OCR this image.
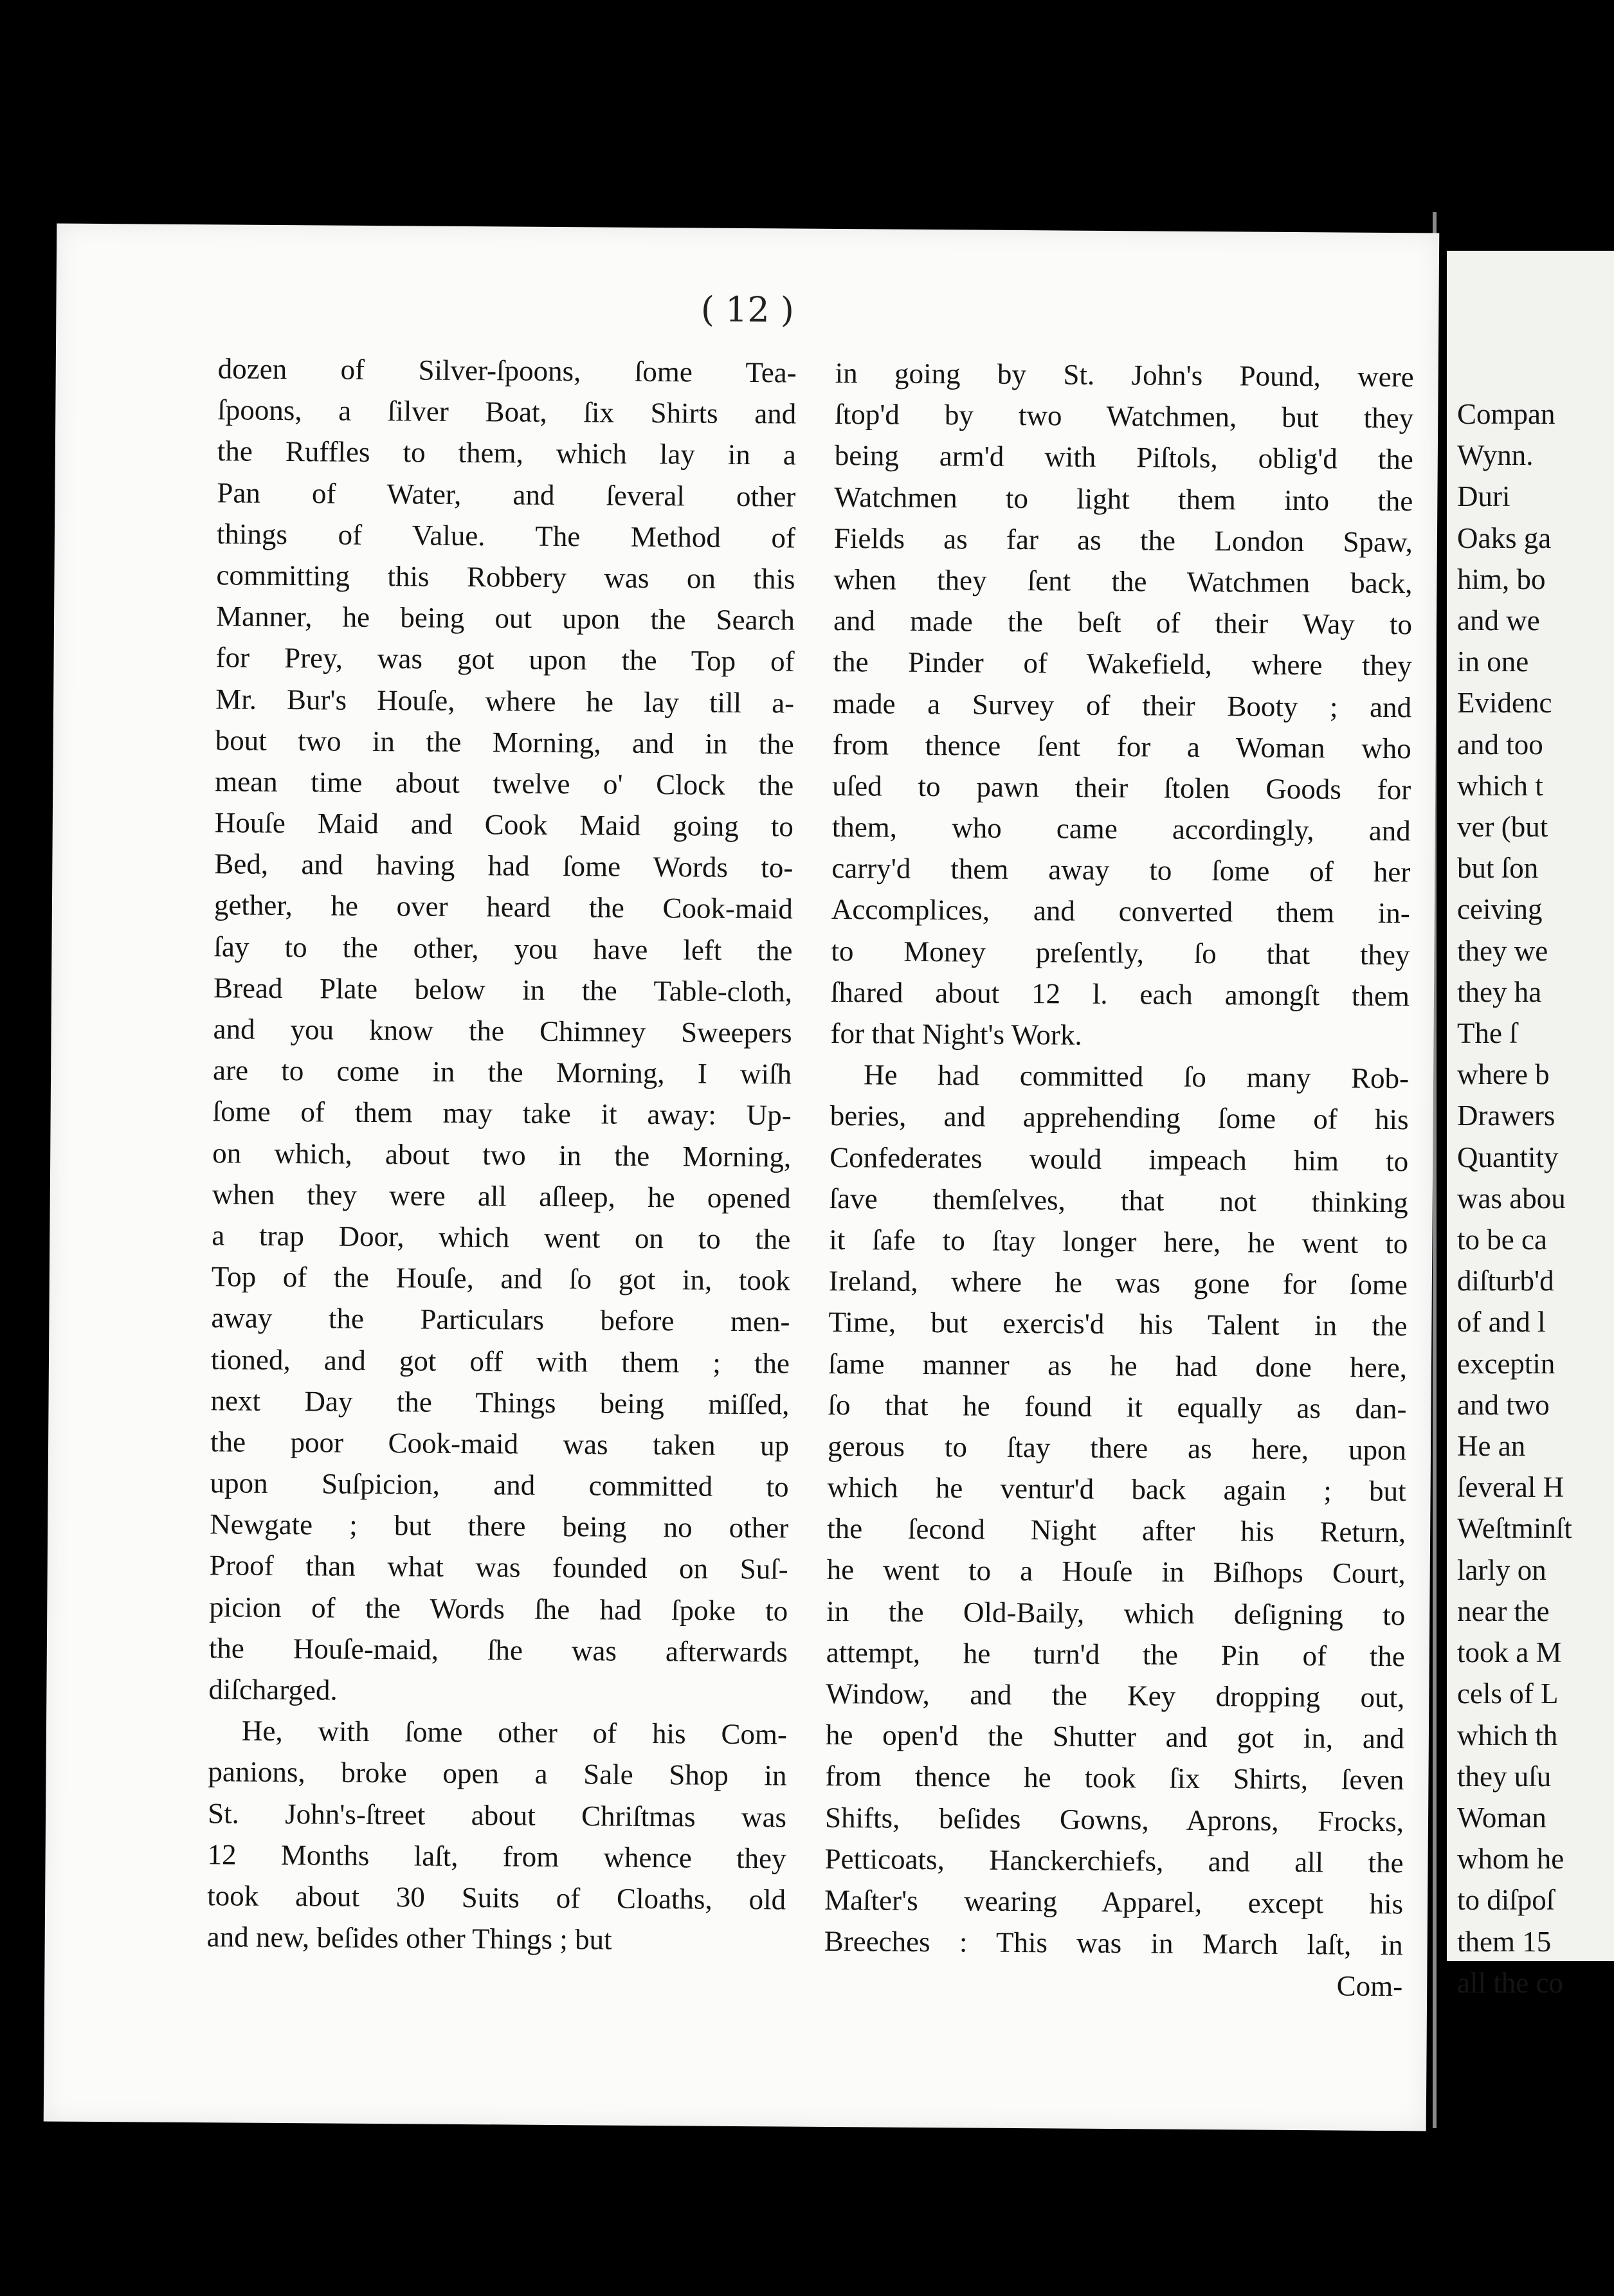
Compan
Wynn.
Duri
Oaks ga
him, bo
and we
in one
Evidenc
and too
which t
ver (but
but ſon
ceiving
they we
they ha
The ſ
where b
Drawers
Quantity
was abou
to be ca
diſturb'd
of and l
exceptin
and two
He an
ſeveral H
Weſtminſt
larly on
near the
took a M
cels of L
which th
they uſu
Woman
whom he
to diſpoſ
them 15
all the co
( 12 )
dozen of Silver-ſpoons, ſome Tea-
ſpoons, a ſilver Boat, ſix Shirts and
the Ruffles to them, which lay in a
Pan of Water, and ſeveral other
things of Value. The Method of
committing this Robbery was on this
Manner, he being out upon the Search
for Prey, was got upon the Top of
Mr. Bur's Houſe, where he lay till a-
bout two in the Morning, and in the
mean time about twelve o' Clock the
Houſe Maid and Cook Maid going to
Bed, and having had ſome Words to-
gether, he over heard the Cook-maid
ſay to the other, you have left the
Bread Plate below in the Table-cloth,
and you know the Chimney Sweepers
are to come in the Morning, I wiſh
ſome of them may take it away: Up-
on which, about two in the Morning,
when they were all aſleep, he opened
a trap Door, which went on to the
Top of the Houſe, and ſo got in, took
away the Particulars before men-
tioned, and got off with them ; the
next Day the Things being miſſed,
the poor Cook-maid was taken up
upon Suſpicion, and committed to
Newgate ; but there being no other
Proof than what was founded on Suſ-
picion of the Words ſhe had ſpoke to
the Houſe-maid, ſhe was afterwards
diſcharged.
He, with ſome other of his Com-
panions, broke open a Sale Shop in
St. John's-ſtreet about Chriſtmas was
12 Months laſt, from whence they
took about 30 Suits of Cloaths, old
and new, beſides other Things ; but
in going by St. John's Pound, were
ſtop'd by two Watchmen, but they
being arm'd with Piſtols, oblig'd the
Watchmen to light them into the
Fields as far as the London Spaw,
when they ſent the Watchmen back,
and made the beſt of their Way to
the Pinder of Wakefield, where they
made a Survey of their Booty ; and
from thence ſent for a Woman who
uſed to pawn their ſtolen Goods for
them, who came accordingly, and
carry'd them away to ſome of her
Accomplices, and converted them in-
to Money preſently, ſo that they
ſhared about 12 l. each amongſt them
for that Night's Work.
He had committed ſo many Rob-
beries, and apprehending ſome of his
Confederates would impeach him to
ſave themſelves, that not thinking
it ſafe to ſtay longer here, he went to
Ireland, where he was gone for ſome
Time, but exercis'd his Talent in the
ſame manner as he had done here,
ſo that he found it equally as dan-
gerous to ſtay there as here, upon
which he ventur'd back again ; but
the ſecond Night after his Return,
he went to a Houſe in Biſhops Court,
in the Old-Baily, which deſigning to
attempt, he turn'd the Pin of the
Window, and the Key dropping out,
he open'd the Shutter and got in, and
from thence he took ſix Shirts, ſeven
Shifts, beſides Gowns, Aprons, Frocks,
Petticoats, Hanckerchiefs, and all the
Maſter's wearing Apparel, except his
Breeches : This was in March laſt, in
Com-
